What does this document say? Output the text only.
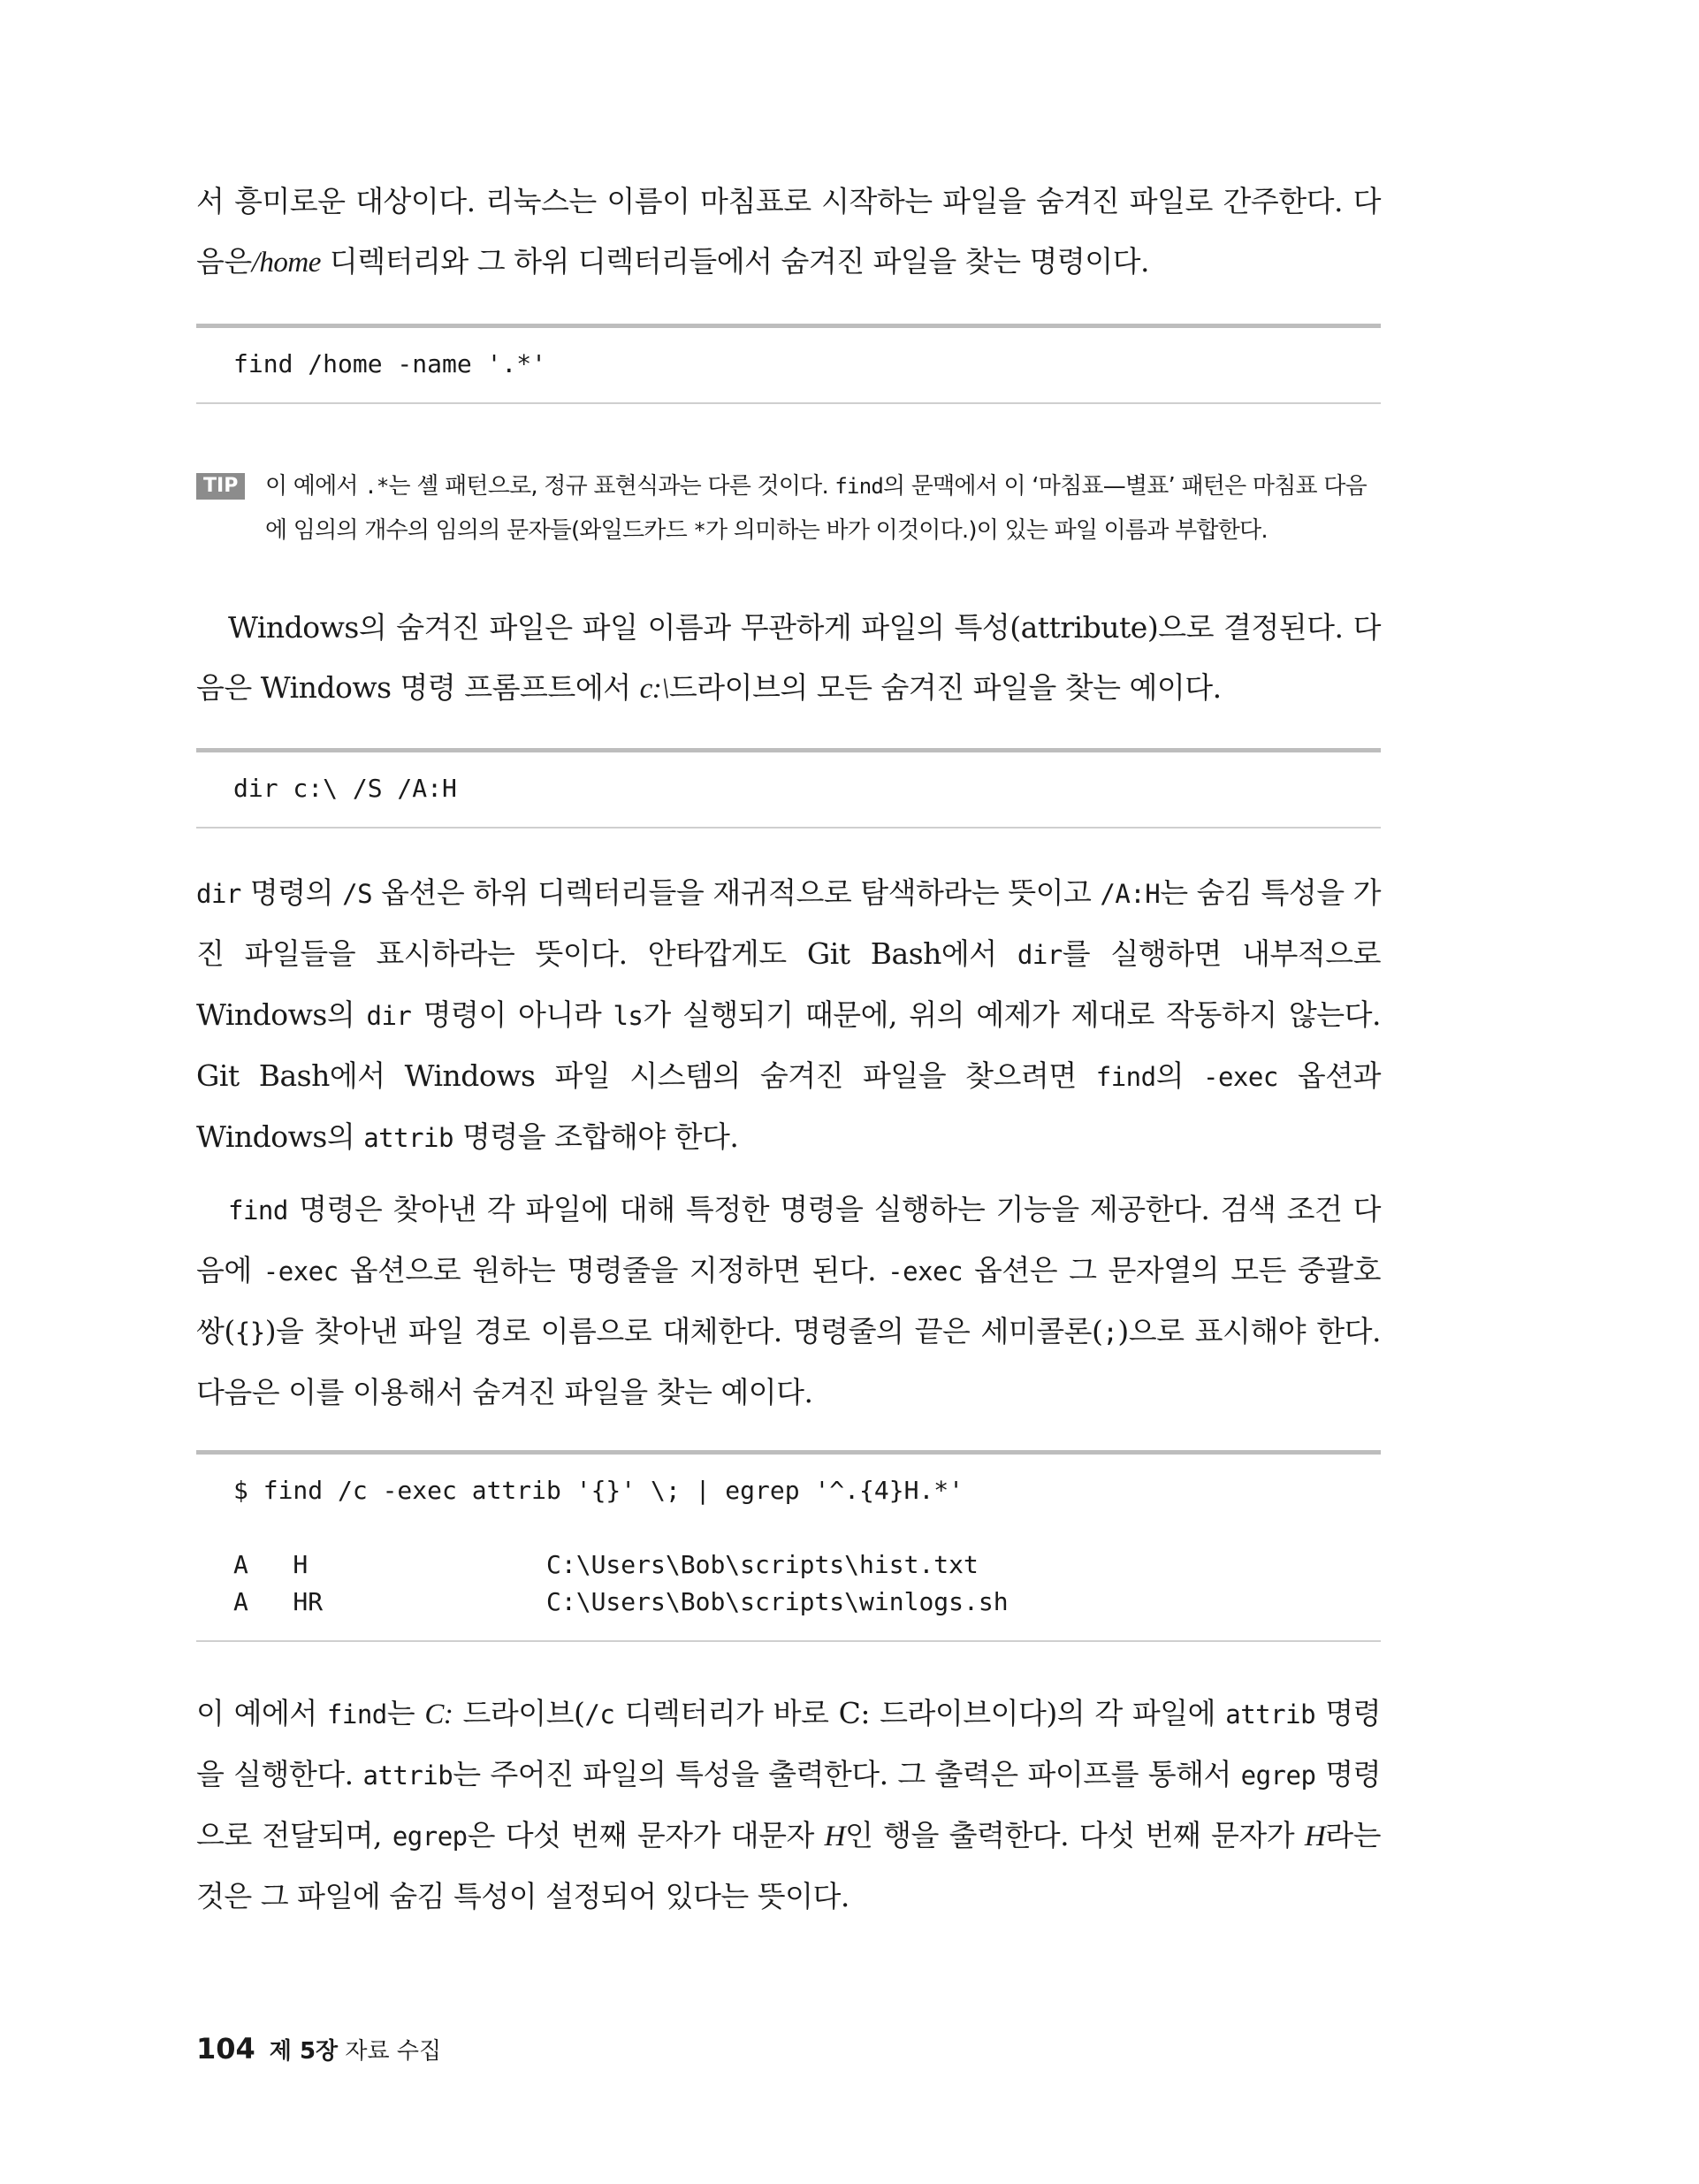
서 흥미로운 대상이다. 리눅스는 이름이 마침표로 시작하는 파일을 숨겨진 파일로 간주한다. 다음은/home 디렉터리와 그 하위 디렉터리들에서 숨겨진 파일을 찾는 명령이다.

find /home -name '.*'
TIP	이 예에서 .*는 셸 패턴으로, 정규 표현식과는 다른 것이다. find의 문맥에서 이 ‘마침표—별표’ 패턴은 마침표 다음에 임의의 개수의 임의의 문자들(와일드카드 *가 의미하는 바가 이것이다.)이 있는 파일 이름과 부합한다.

Windows의 숨겨진 파일은 파일 이름과 무관하게 파일의 특성(attribute)으로 결정된다. 다음은 Windows 명령 프롬프트에서 c:\드라이브의 모든 숨겨진 파일을 찾는 예이다.

dir c:\ /S /A:H

dir 명령의 /S 옵션은 하위 디렉터리들을 재귀적으로 탐색하라는 뜻이고 /A:H는 숨김 특성을 가진 파일들을 표시하라는 뜻이다. 안타깝게도 Git Bash에서 dir를 실행하면 내부적으로 Windows의 dir 명령이 아니라 ls가 실행되기 때문에, 위의 예제가 제대로 작동하지 않는다. Git Bash에서 Windows 파일 시스템의 숨겨진 파일을 찾으려면 find의 -exec 옵션과 Windows의 attrib 명령을 조합해야 한다.

find 명령은 찾아낸 각 파일에 대해 특정한 명령을 실행하는 기능을 제공한다. 검색 조건 다음에 -exec 옵션으로 원하는 명령줄을 지정하면 된다. -exec 옵션은 그 문자열의 모든 중괄호 쌍({})을 찾아낸 파일 경로 이름으로 대체한다. 명령줄의 끝은 세미콜론(;)으로 표시해야 한다. 다음은 이를 이용해서 숨겨진 파일을 찾는 예이다.

$ find /c -exec attrib '{}' \; | egrep '^.{4}H.*'

A   H                C:\Users\Bob\scripts\hist.txt
A   HR               C:\Users\Bob\scripts\winlogs.sh

이 예에서 find는 C: 드라이브(/c 디렉터리가 바로 C: 드라이브이다)의 각 파일에 attrib 명령을 실행한다. attrib는 주어진 파일의 특성을 출력한다. 그 출력은 파이프를 통해서 egrep 명령으로 전달되며, egrep은 다섯 번째 문자가 대문자 H인 행을 출력한다. 다섯 번째 문자가 H라는 것은 그 파일에 숨김 특성이 설정되어 있다는 뜻이다.

104 제 5장 자료 수집
